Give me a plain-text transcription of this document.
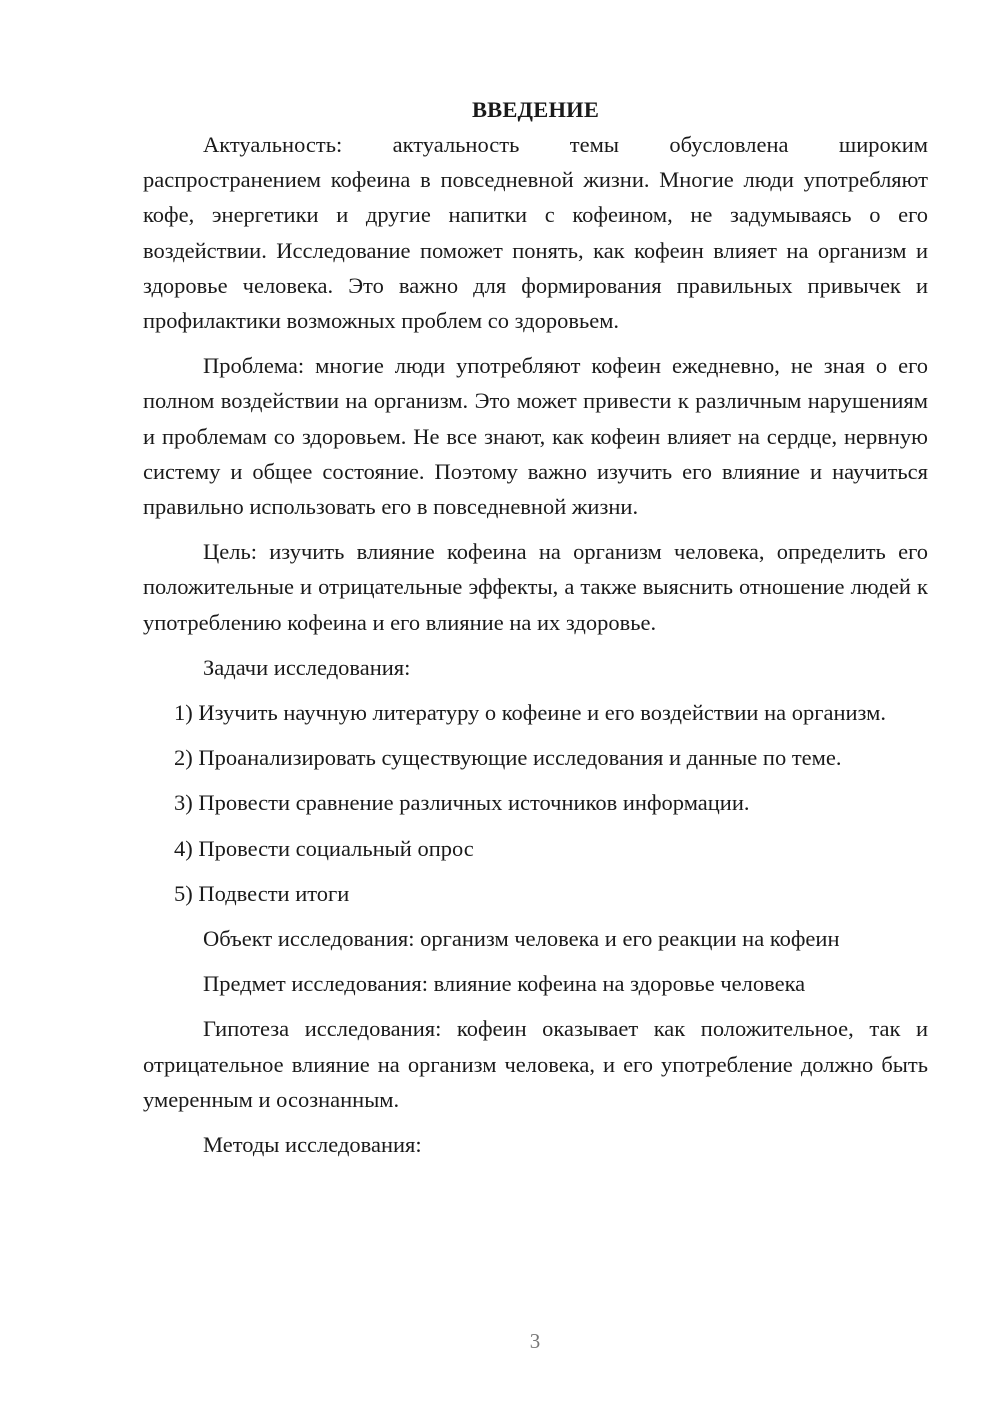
ВВЕДЕНИЕ

Актуальность: актуальность темы обусловлена широким распространением кофеина в повседневной жизни. Многие люди употребляют кофе, энергетики и другие напитки с кофеином, не задумываясь о его воздействии. Исследование поможет понять, как кофеин влияет на организм и здоровье человека. Это важно для формирования правильных привычек и профилактики возможных проблем со здоровьем.

Проблема: многие люди употребляют кофеин ежедневно, не зная о его полном воздействии на организм. Это может привести к различным нарушениям и проблемам со здоровьем. Не все знают, как кофеин влияет на сердце, нервную систему и общее состояние. Поэтому важно изучить его влияние и научиться правильно использовать его в повседневной жизни.

Цель: изучить влияние кофеина на организм человека, определить его положительные и отрицательные эффекты, а также выяснить отношение людей к употреблению кофеина и его влияние на их здоровье.

Задачи исследования:

1) Изучить научную литературу о кофеине и его воздействии на организм.

2) Проанализировать существующие исследования и данные по теме.

3) Провести сравнение различных источников информации.

4) Провести социальный опрос

5) Подвести итоги

Объект исследования: организм человека и его реакции на кофеин

Предмет исследования: влияние кофеина на здоровье человека

Гипотеза исследования: кофеин оказывает как положительное, так и отрицательное влияние на организм человека, и его употребление должно быть умеренным и осознанным.

Методы исследования:

3
